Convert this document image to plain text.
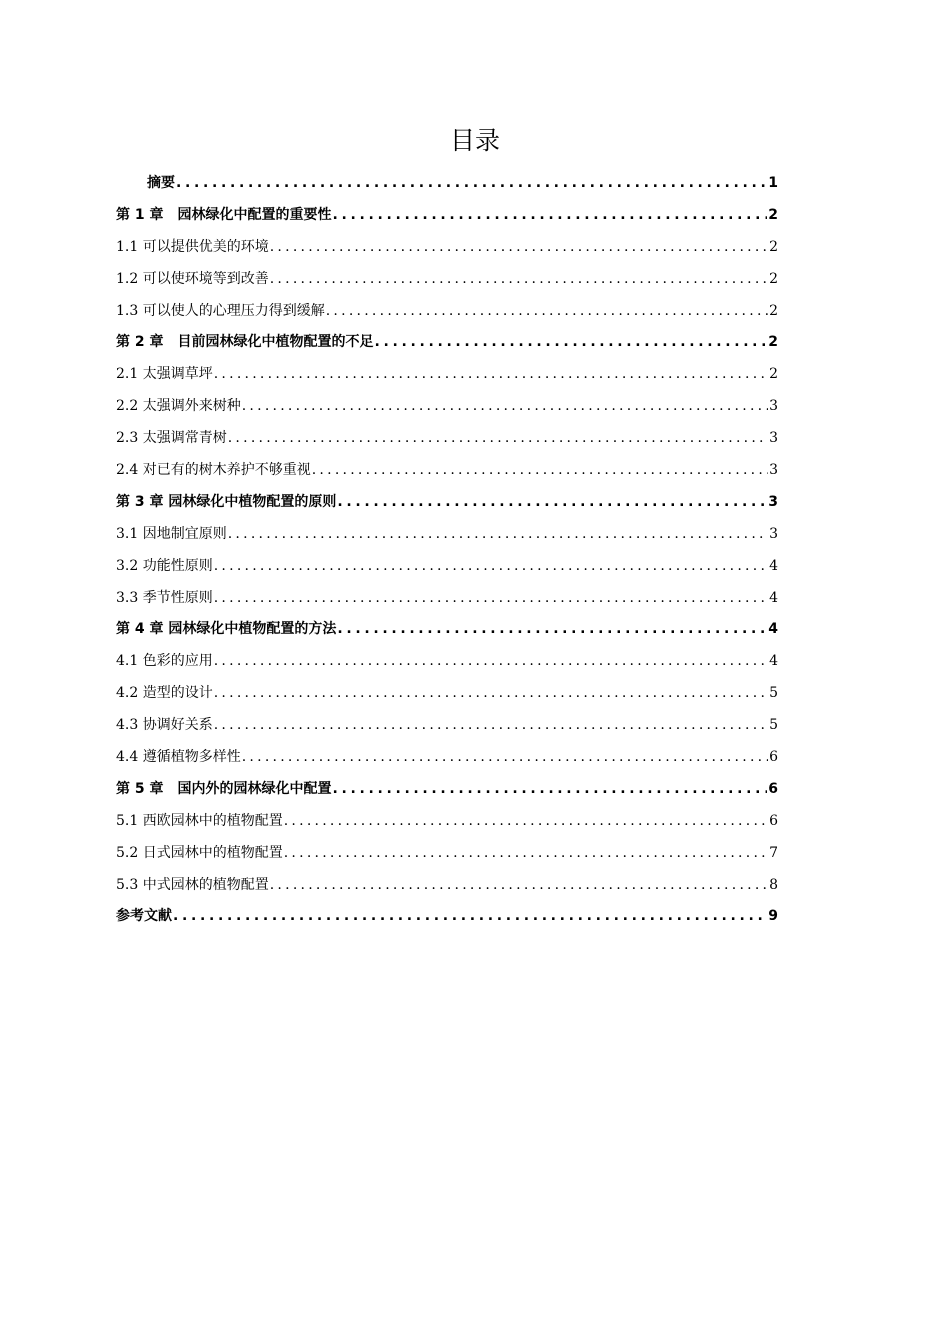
目录
摘要 . . .	1
第 1 章　园林绿化中配置的重要性 . . .	2
1.1 可以提供优美的环境 . . .	2
1.2 可以使环境等到改善 . . .	2
1.3 可以使人的心理压力得到缓解 . . .	2
第 2 章　目前园林绿化中植物配置的不足 . . .	2
2.1 太强调草坪 . . .	2
2.2 太强调外来树种 . . .	3
2.3 太强调常青树 . . .	3
2.4 对已有的树木养护不够重视 . . .	3
第 3 章 园林绿化中植物配置的原则 . . .	3
3.1 因地制宜原则 . . .	3
3.2 功能性原则 . . .	4
3.3 季节性原则 . . .	4
第 4 章 园林绿化中植物配置的方法 . . .	4
4.1 色彩的应用 . . .	4
4.2 造型的设计 . . .	5
4.3 协调好关系 . . .	5
4.4 遵循植物多样性 . . .	6
第 5 章　国内外的园林绿化中配置 . . .	6
5.1 西欧园林中的植物配置 . . .	6
5.2 日式园林中的植物配置 . . .	7
5.3 中式园林的植物配置 . . .	8
参考文献 . . .	9
